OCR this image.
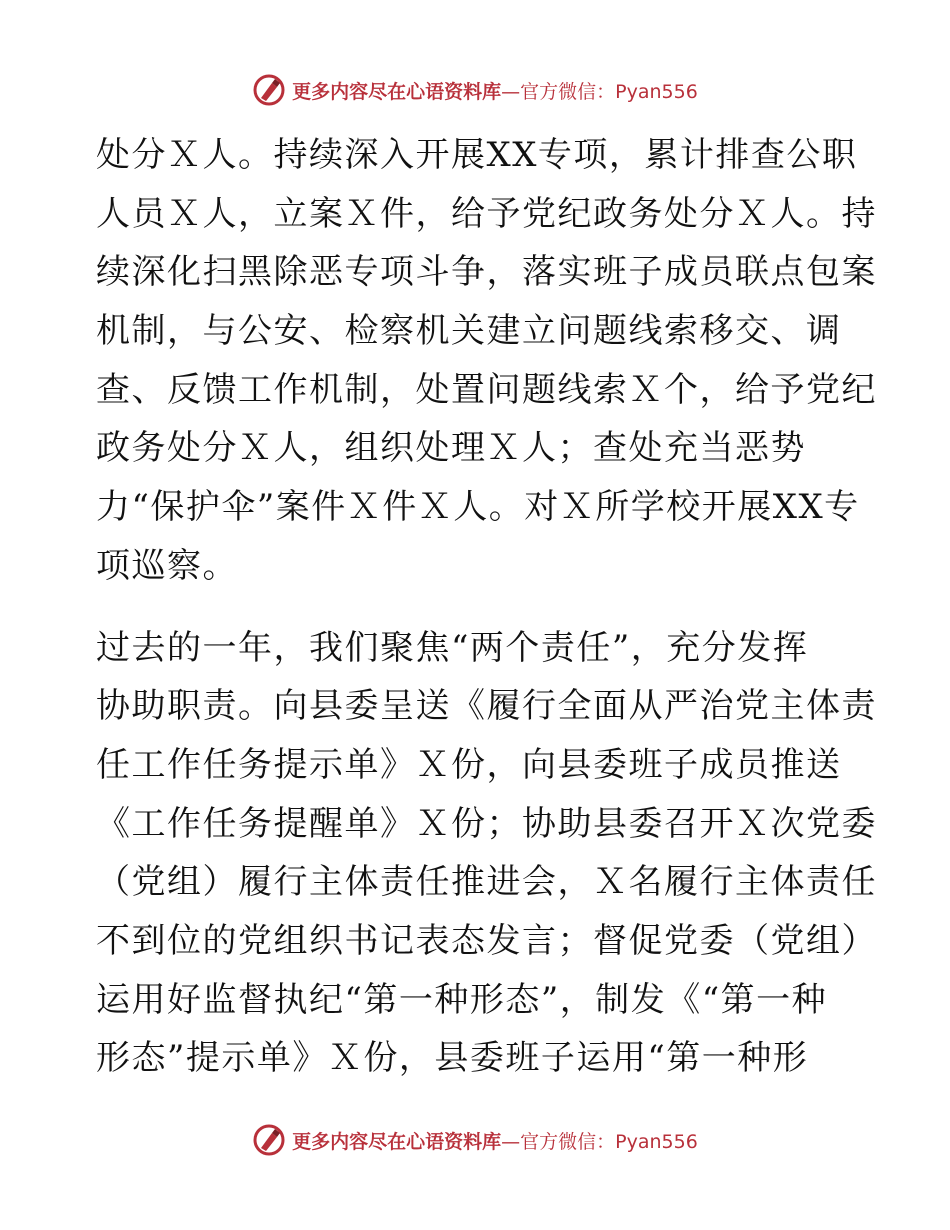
更多内容尽在心语资料库 —官方微信：Pyan556
处分Ｘ人。持续深入开展XX专项，累计排查公职
人员Ｘ人，立案Ｘ件，给予党纪政务处分Ｘ人。持
续深化扫黑除恶专项斗争，落实班子成员联点包案
机制，与公安、检察机关建立问题线索移交、调
查、反馈工作机制，处置问题线索Ｘ个，给予党纪
政务处分Ｘ人，组织处理Ｘ人；查处充当恶势
力“保护伞”案件Ｘ件Ｘ人。对Ｘ所学校开展XX专
项巡察。
过去的一年，我们聚焦“两个责任”，充分发挥
协助职责。向县委呈送《履行全面从严治党主体责
任工作任务提示单》Ｘ份，向县委班子成员推送
《工作任务提醒单》Ｘ份；协助县委召开Ｘ次党委
（党组）履行主体责任推进会，Ｘ名履行主体责任
不到位的党组织书记表态发言；督促党委（党组）
运用好监督执纪“第一种形态”，制发《“第一种
形态”提示单》Ｘ份，县委班子运用“第一种形
更多内容尽在心语资料库 —官方微信：Pyan556
